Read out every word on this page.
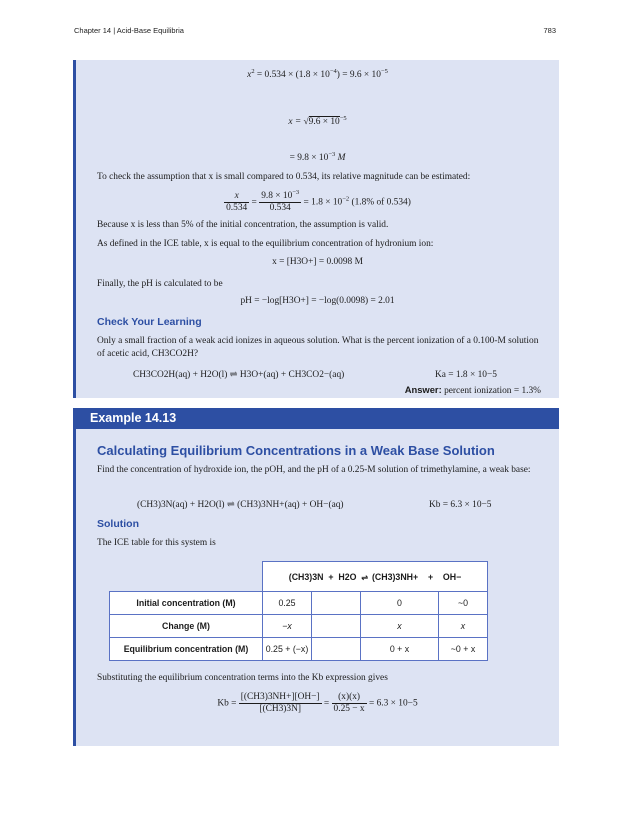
Chapter 14 | Acid-Base Equilibria	783
$x^2 = 0.534 \times (1.8 \times 10^{-4}) = 9.6 \times 10^{-5}$
$x = √9.6 \times 10^{-5}$
= $9.8 \times 10^{-3}$ M
To check the assumption that x is small compared to 0.534, its relative magnitude can be estimated:
$\frac{x}{0.534} = \frac{9.8 \times 10^{-3}}{0.534} = 1.8 \times 10^{-2}$ (1.8% of 0.534)
Because x is less than 5% of the initial concentration, the assumption is valid.
As defined in the ICE table, x is equal to the equilibrium concentration of hydronium ion:
x = [H3O+] = 0.0098 M
Finally, the pH is calculated to be
pH = −log[H3O+] = −log(0.0098) = 2.01
Check Your Learning
Only a small fraction of a weak acid ionizes in aqueous solution. What is the percent ionization of a 0.100-M solution of acetic acid, CH3CO2H?
CH3CO2H(aq) + H2O(l) ⇌ H3O+(aq) + CH3CO2−(aq)	Ka = 1.8 × 10−5
Answer: percent ionization = 1.3%
Example 14.13
Calculating Equilibrium Concentrations in a Weak Base Solution
Find the concentration of hydroxide ion, the pOH, and the pH of a 0.25-M solution of trimethylamine, a weak base:
(CH3)3N(aq) + H2O(l) ⇌ (CH3)3NH+(aq) + OH−(aq)	Kb = 6.3 × 10−5
Solution
The ICE table for this system is
	(CH3)3N + H2O ⇌ (CH3)3NH+ + OH−			
Initial concentration (M)	0.25		0	~0
Change (M)	−x		x	x
Equilibrium concentration (M)	0.25 + (−x)		0 + x	~0 + x
Substituting the equilibrium concentration terms into the Kb expression gives
$Kb = \frac{[(CH3)3NH+][OH-]}{[(CH3)3N]} = \frac{(x)(x)}{0.25 - x} = 6.3 \times 10-5$
